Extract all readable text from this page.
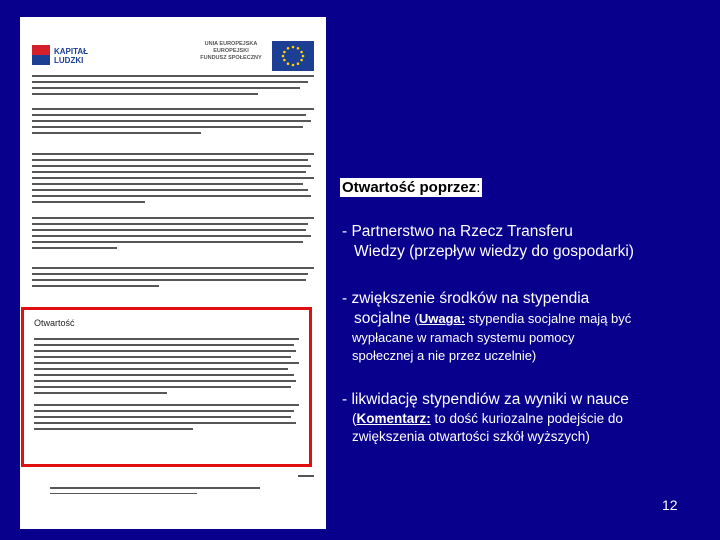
KAPITAŁ LUDZKI
UNIA EUROPEJSKA
EUROPEJSKI
FUNDUSZ SPOŁECZNY
Otwartość
Otwartość poprzez:
- Partnerstwo na Rzecz Transferu
Wiedzy (przepływ wiedzy do gospodarki)
- zwiększenie środków na stypendia
socjalne (Uwaga: stypendia socjalne mają być
wypłacane w ramach systemu pomocy
społecznej a nie przez uczelnie)
- likwidację stypendiów za wyniki w nauce
(Komentarz: to dość kuriozalne podejście do
zwiększenia otwartości szkół wyższych)
12
